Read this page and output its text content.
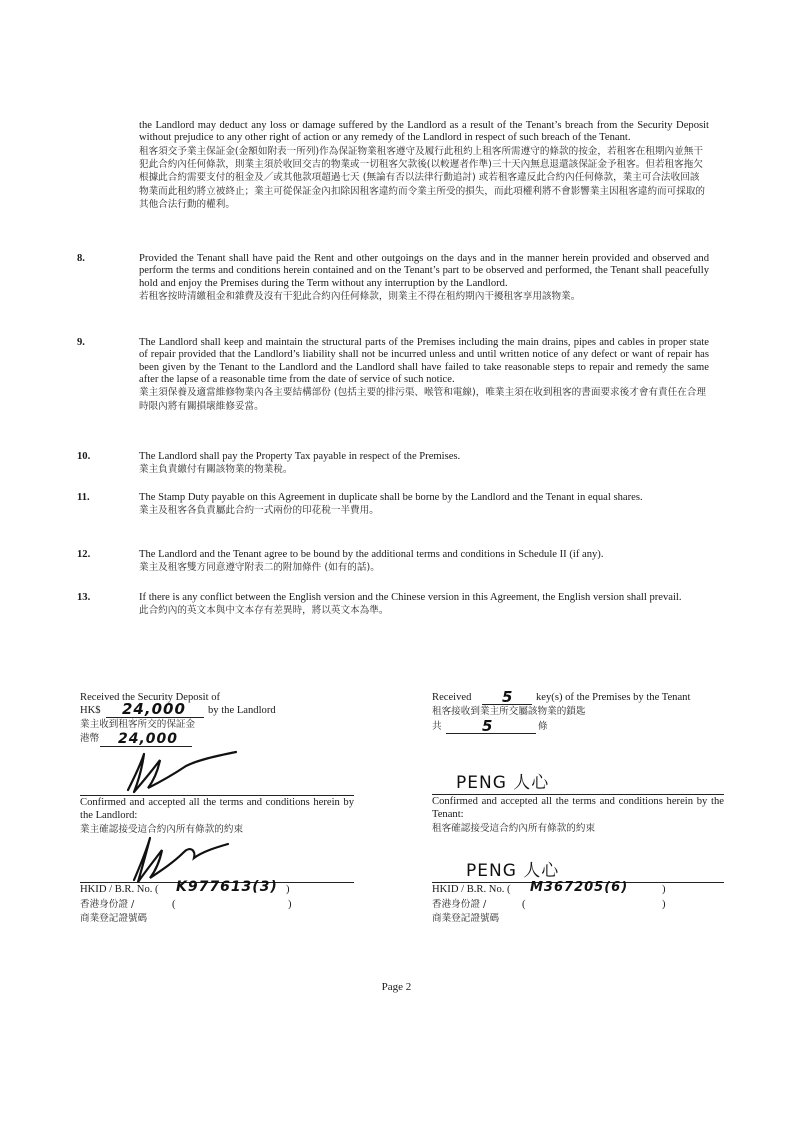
the Landlord may deduct any loss or damage suffered by the Landlord as a result of the Tenant’s breach from the Security Deposit without prejudice to any other right of action or any remedy of the Landlord in respect of such breach of the Tenant.
租客須交予業主保証金(金額如附表一所列)作為保証物業租客遵守及履行此租約上租客所需遵守的條款的按金，若租客在租期內並無干犯此合約內任何條款，則業主須於收回交吉的物業或一切租客欠款後(以較遲者作準)三十天內無息退還該保証金予租客。但若租客拖欠根據此合約需要支付的租金及／或其他款項超過七天 (無論有否以法律行動追討) 或若租客違反此合約內任何條款，業主可合法收回該物業而此租約將立被終止；業主可從保証金內扣除因租客違約而令業主所受的損失，而此項權利將不會影響業主因租客違約而可採取的其他合法行動的權利。
8.	Provided the Tenant shall have paid the Rent and other outgoings on the days and in the manner herein provided and observed and perform the terms and conditions herein contained and on the Tenant’s part to be observed and performed, the Tenant shall peacefully hold and enjoy the Premises during the Term without any interruption by the Landlord.
若租客按時清繳租金和雜費及沒有干犯此合約內任何條款，則業主不得在租約期內干擾租客享用該物業。
9.	The Landlord shall keep and maintain the structural parts of the Premises including the main drains, pipes and cables in proper state of repair provided that the Landlord’s liability shall not be incurred unless and until written notice of any defect or want of repair has been given by the Tenant to the Landlord and the Landlord shall have failed to take reasonable steps to repair and remedy the same after the lapse of a reasonable time from the date of service of such notice.
業主須保養及適當維修物業內各主要結構部份 (包括主要的排污渠、喉管和電線)，唯業主須在收到租客的書面要求後才會有責任在合理時限內將有關損壞維修妥當。
10.	The Landlord shall pay the Property Tax payable in respect of the Premises.
業主負責繳付有關該物業的物業稅。
11.	The Stamp Duty payable on this Agreement in duplicate shall be borne by the Landlord and the Tenant in equal shares.
業主及租客各負責屬此合約一式兩份的印花稅一半費用。
12.	The Landlord and the Tenant agree to be bound by the additional terms and conditions in Schedule II (if any).
業主及租客雙方同意遵守附表二的附加條件 (如有的話)。
13.	If there is any conflict between the English version and the Chinese version in this Agreement, the English version shall prevail.
此合約內的英文本與中文本存有差異時，將以英文本為準。
Received the Security Deposit of
HK$ 24,000 by the Landlord
業主收到租客所交的保証金
港幣 24,000
Confirmed and accepted all the terms and conditions herein by the Landlord:
業主確認接受這合約內所有條款的約束
HKID / B.R. No. ( K977613(3) )
香港身份證 /	(	)
商業登記證號碼
Received 5 key(s) of the Premises by the Tenant
租客接收到業主所交屬該物業的鎖匙
共	5	條
PENG 人心
Confirmed and accepted all the terms and conditions herein by the Tenant:
租客確認接受這合約內所有條款的約束
PENG 人心
HKID / B.R. No. ( M367205(6)	)
香港身份證 /	(	)
商業登記證號碼
Page 2
